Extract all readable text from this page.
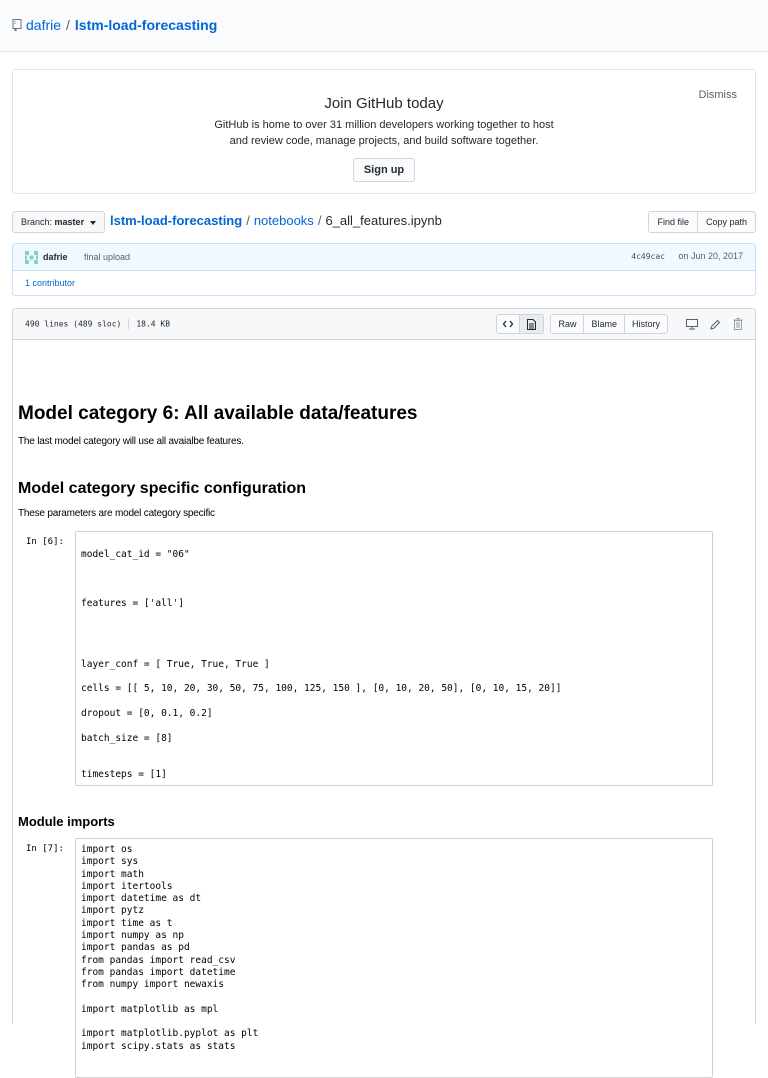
dafrie / lstm-load-forecasting
Dismiss
Join GitHub today

GitHub is home to over 31 million developers working together to host
and review code, manage projects, and build software together.

Sign up
Branch: master	lstm-load-forecasting / notebooks / 6_all_features.ipynb	Find file	Copy path
dafrie final upload	4c49cac on Jun 20, 2017
1 contributor
490 lines (489 sloc) 18.4 KB	Raw	Blame	History
Model category 6: All available data/features
The last model category will use all avaialbe features.
Model category specific configuration
These parameters are model category specific
In [6]:
model_cat_id = "06"
features = ['all']
layer_conf = [ True, True, True ]
cells = [[ 5, 10, 20, 30, 50, 75, 100, 125, 150 ], [0, 10, 20, 50], [0, 10, 15, 20]]
dropout = [0, 0.1, 0.2]
batch_size = [8]
timesteps = [1]
Module imports
In [7]: import os
import sys
import math
import itertools
import datetime as dt
import pytz
import time as t
import numpy as np
import pandas as pd
from pandas import read_csv
from pandas import datetime
from numpy import newaxis
import matplotlib as mpl
import matplotlib.pyplot as plt
import scipy.stats as stats
